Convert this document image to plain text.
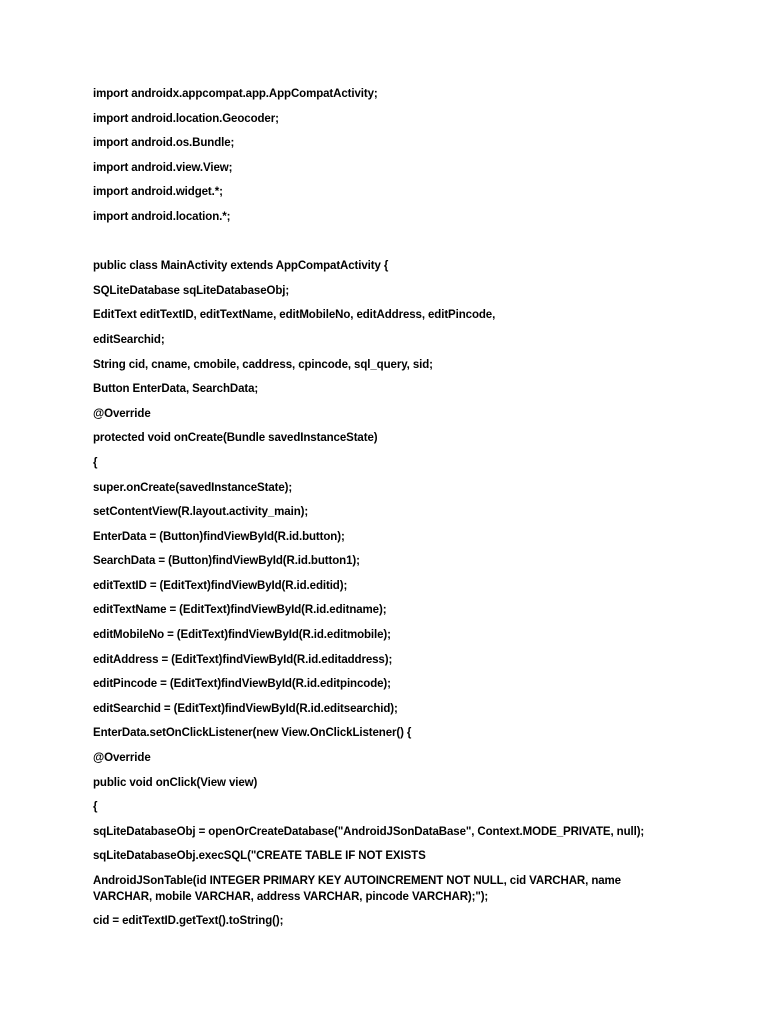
import androidx.appcompat.app.AppCompatActivity;
import android.location.Geocoder;
import android.os.Bundle;
import android.view.View;
import android.widget.*;
import android.location.*;
public class MainActivity extends AppCompatActivity {
SQLiteDatabase sqLiteDatabaseObj;
EditText editTextID, editTextName, editMobileNo, editAddress, editPincode,
editSearchid;
String cid, cname, cmobile, caddress, cpincode, sql_query, sid;
Button EnterData, SearchData;
@Override
protected void onCreate(Bundle savedInstanceState)
{
super.onCreate(savedInstanceState);
setContentView(R.layout.activity_main);
EnterData = (Button)findViewById(R.id.button);
SearchData = (Button)findViewById(R.id.button1);
editTextID = (EditText)findViewById(R.id.editid);
editTextName = (EditText)findViewById(R.id.editname);
editMobileNo = (EditText)findViewById(R.id.editmobile);
editAddress = (EditText)findViewById(R.id.editaddress);
editPincode = (EditText)findViewById(R.id.editpincode);
editSearchid = (EditText)findViewById(R.id.editsearchid);
EnterData.setOnClickListener(new View.OnClickListener() {
@Override
public void onClick(View view)
{
sqLiteDatabaseObj = openOrCreateDatabase("AndroidJSonDataBase", Context.MODE_PRIVATE, null);
sqLiteDatabaseObj.execSQL("CREATE TABLE IF NOT EXISTS
AndroidJSonTable(id INTEGER PRIMARY KEY AUTOINCREMENT NOT NULL, cid VARCHAR, name VARCHAR, mobile VARCHAR, address VARCHAR, pincode VARCHAR);");
cid = editTextID.getText().toString();
